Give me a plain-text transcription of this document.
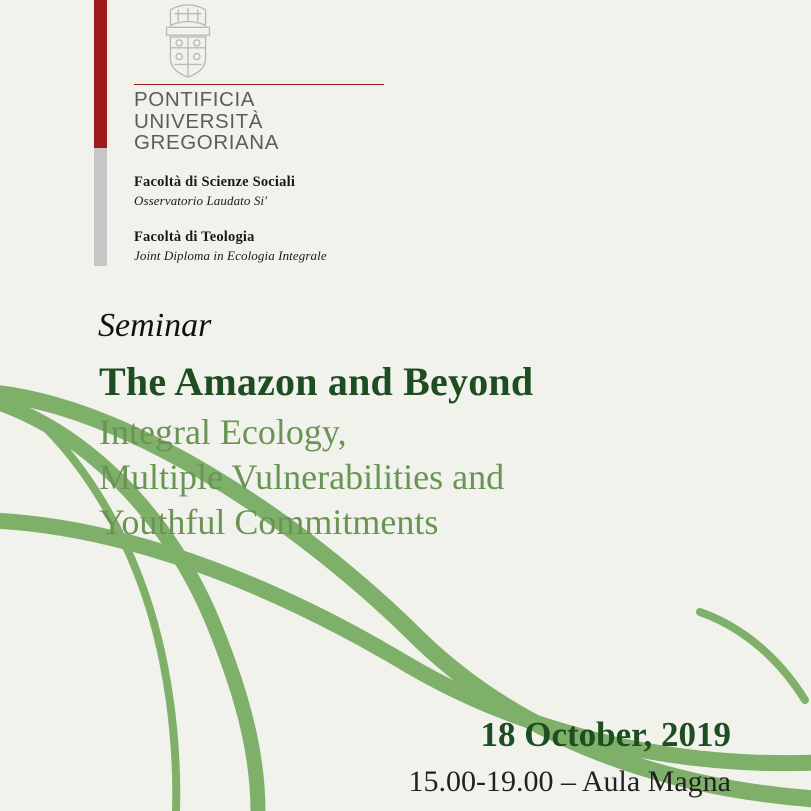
PONTIFICIA
UNIVERSITÀ
GREGORIANA
Facoltà di Scienze Sociali
Osservatorio Laudato Si'
Facoltà di Teologia
Joint Diploma in Ecologia Integrale
Seminar
The Amazon and Beyond
Integral Ecology,
Multiple Vulnerabilities and
Youthful Commitments
18 October, 2019
15.00-19.00 – Aula Magna
